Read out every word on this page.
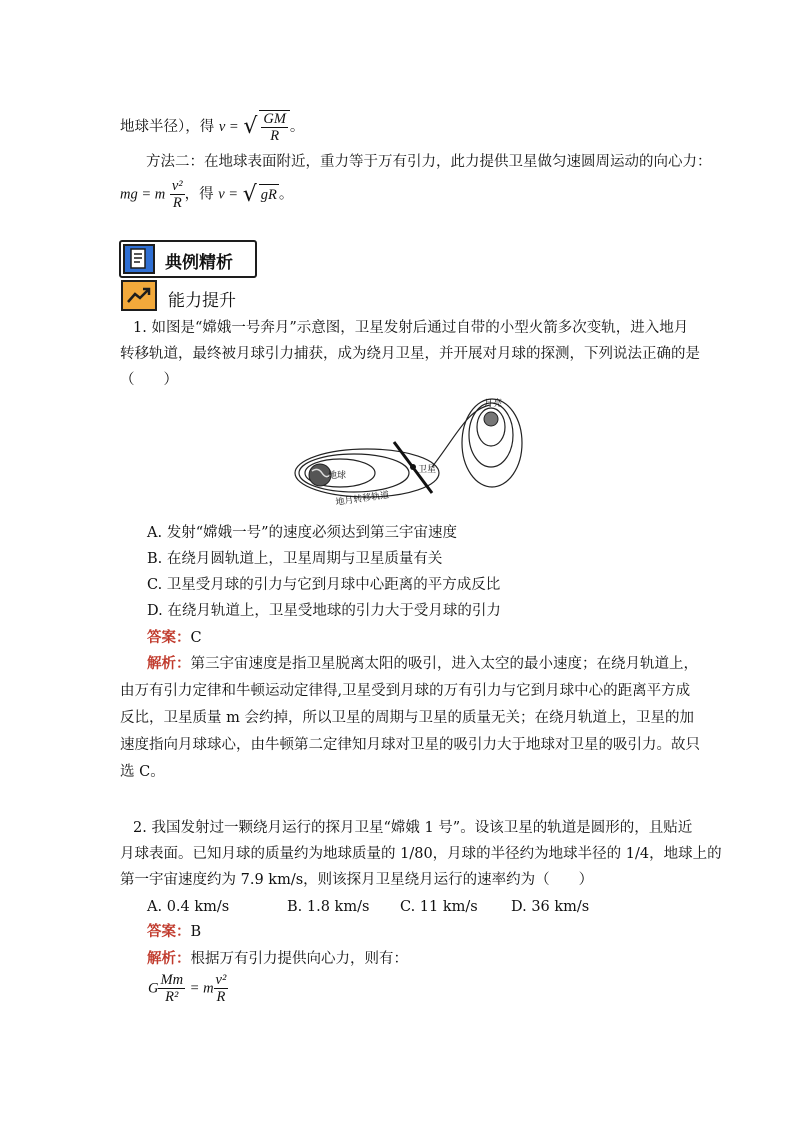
地球半径），得 v = √ $\frac{GM}{R}$ 。
方法二：在地球表面附近，重力等于万有引力，此力提供卫星做匀速圆周运动的向心力：
mg = m $\frac{\text{v²}}{R}$ ，得 v = √ gR 。
典例精析
能力提升
1. 如图是“嫦娥一号奔月”示意图，卫星发射后通过自带的小型火箭多次变轨，进入地月
转移轨道，最终被月球引力捕获，成为绕月卫星，并开展对月球的探测，下列说法正确的是
（　　）
地球
月亮
卫星
地月转移轨道
A. 发射“嫦娥一号”的速度必须达到第三宇宙速度
B. 在绕月圆轨道上，卫星周期与卫星质量有关
C. 卫星受月球的引力与它到月球中心距离的平方成反比
D. 在绕月轨道上，卫星受地球的引力大于受月球的引力
答案：C
解析：第三宇宙速度是指卫星脱离太阳的吸引，进入太空的最小速度；在绕月轨道上，
由万有引力定律和牛顿运动定律得,卫星受到月球的万有引力与它到月球中心的距离平方成
反比，卫星质量 m 会约掉，所以卫星的周期与卫星的质量无关；在绕月轨道上，卫星的加
速度指向月球球心，由牛顿第二定律知月球对卫星的吸引力大于地球对卫星的吸引力。故只
选 C。
2. 我国发射过一颗绕月运行的探月卫星“嫦娥 1 号”。设该卫星的轨道是圆形的，且贴近
月球表面。已知月球的质量约为地球质量的 1/80，月球的半径约为地球半径的 1/4，地球上的
第一宇宙速度约为 7.9 km/s，则该探月卫星绕月运行的速率约为（　　）
A. 0.4 km/s	B. 1.8 km/s C. 11 km/s D. 36 km/s
答案：B
解析：根据万有引力提供向心力，则有：
G $\frac{Mm}{\text{R²}} = m \frac{\text{v²}}{R}$
